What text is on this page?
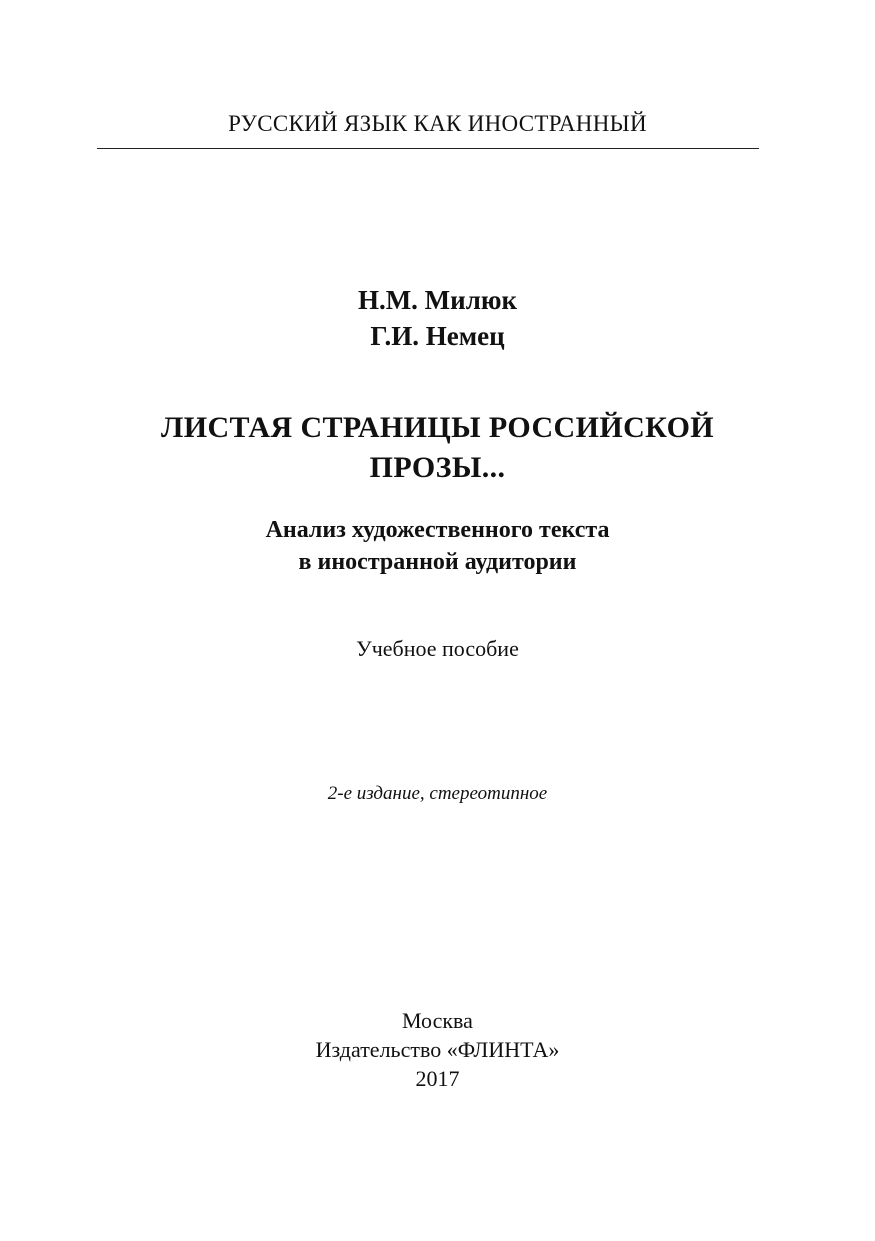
РУССКИЙ ЯЗЫК КАК ИНОСТРАННЫЙ
Н.М. Милюк
Г.И. Немец
ЛИСТАЯ СТРАНИЦЫ РОССИЙСКОЙ
ПРОЗЫ...
Анализ художественного текста
в иностранной аудитории
Учебное пособие
2-е издание, стереотипное
Москва
Издательство «ФЛИНТА»
2017
